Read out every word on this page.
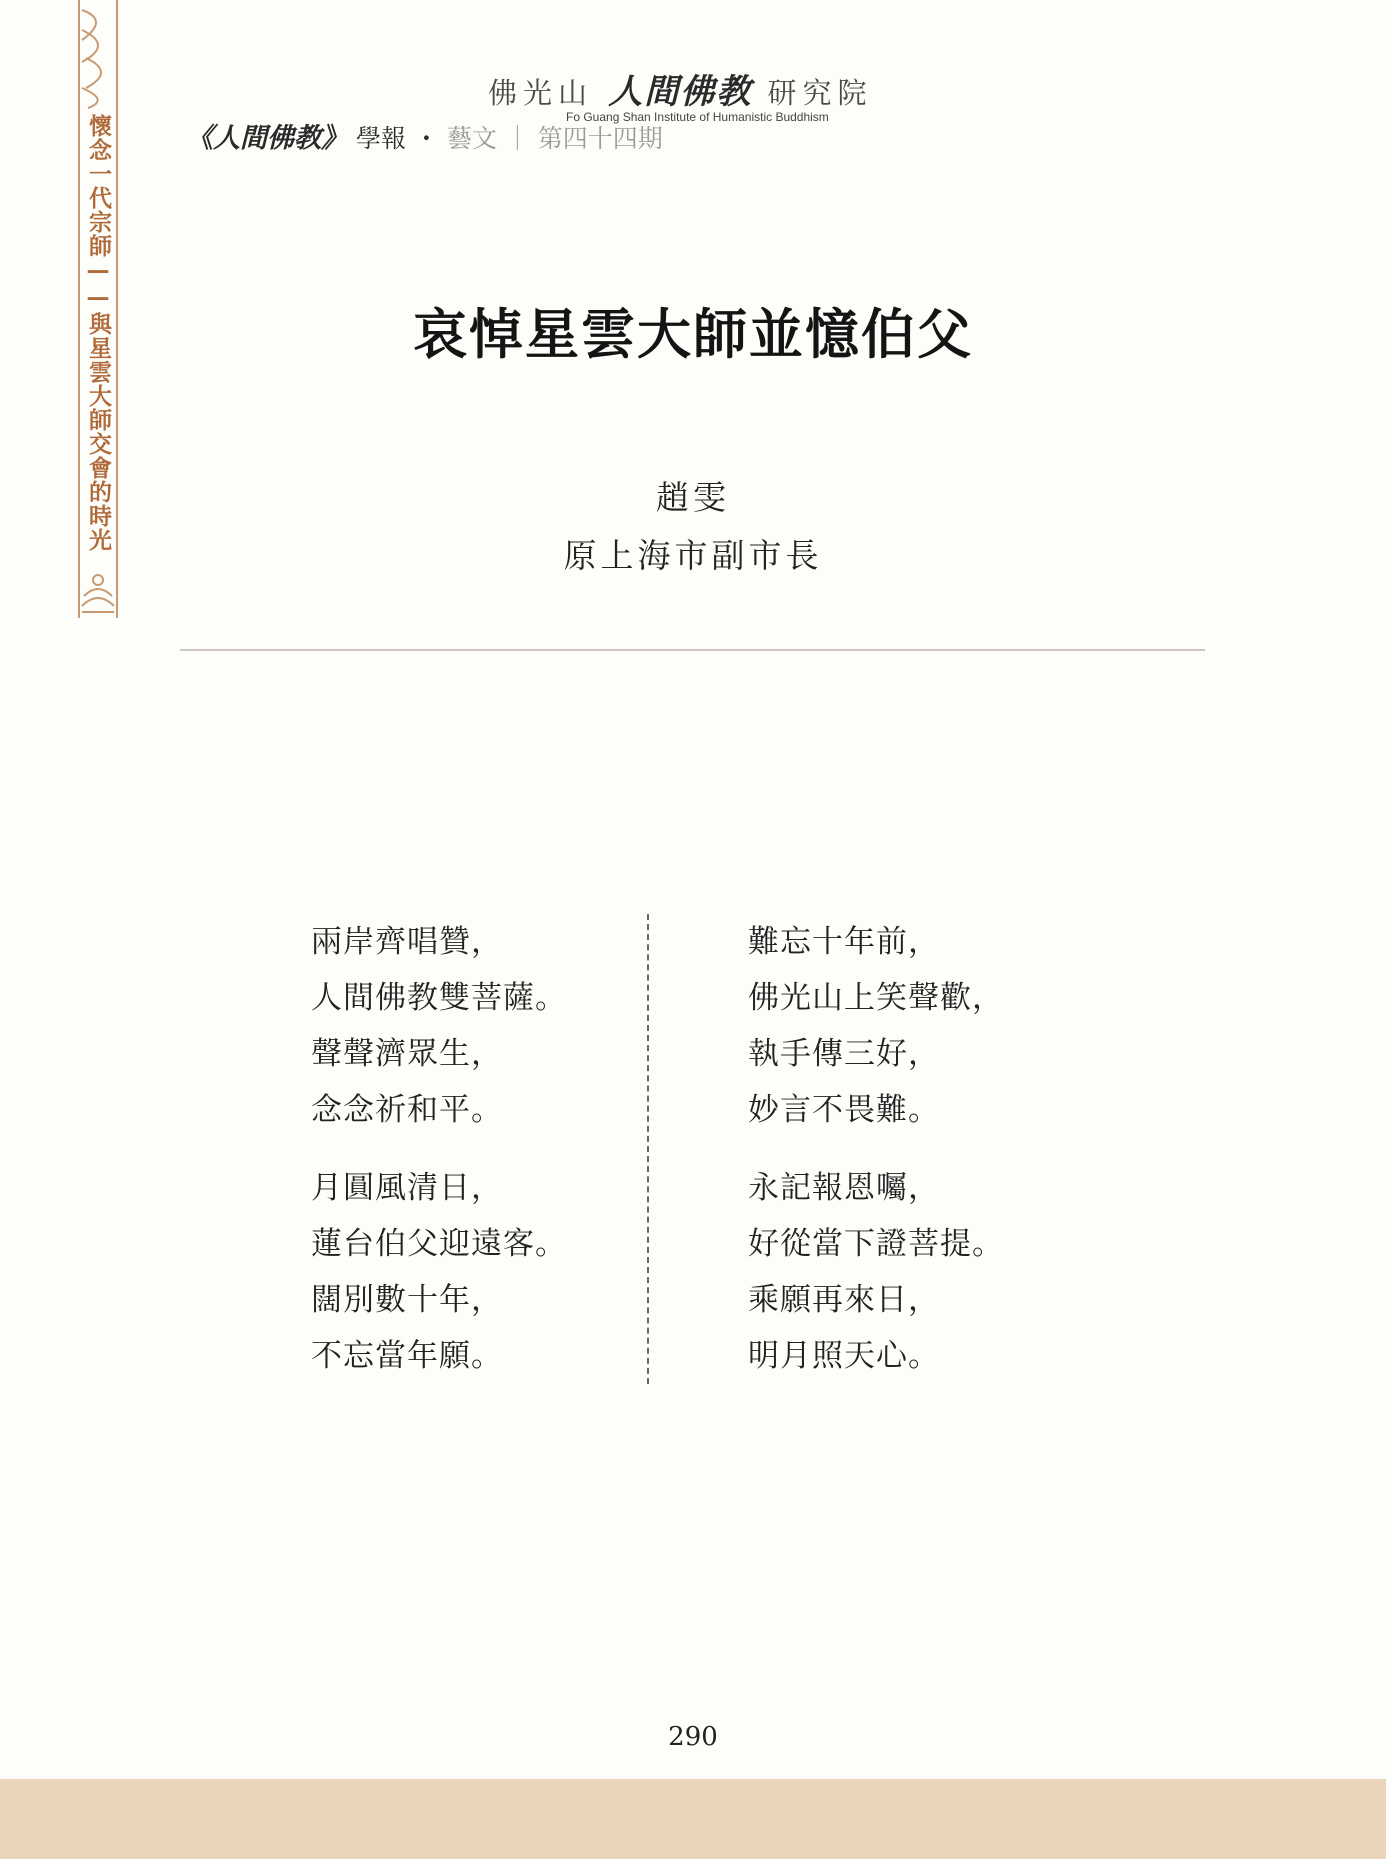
懷念一代宗師——與星雲大師交會的時光
佛光山 人間佛教 研究院
Fo Guang Shan Institute of Humanistic Buddhism
《人間佛教》 學報 ・ 藝文 ｜ 第四十四期
哀悼星雲大師並憶伯父
趙雯
原上海市副市長
兩岸齊唱贊，
人間佛教雙菩薩。
聲聲濟眾生，
念念祈和平。
月圓風清日，
蓮台伯父迎遠客。
闊別數十年，
不忘當年願。
難忘十年前，
佛光山上笑聲歡，
執手傳三好，
妙言不畏難。
永記報恩囑，
好從當下證菩提。
乘願再來日，
明月照天心。
290
